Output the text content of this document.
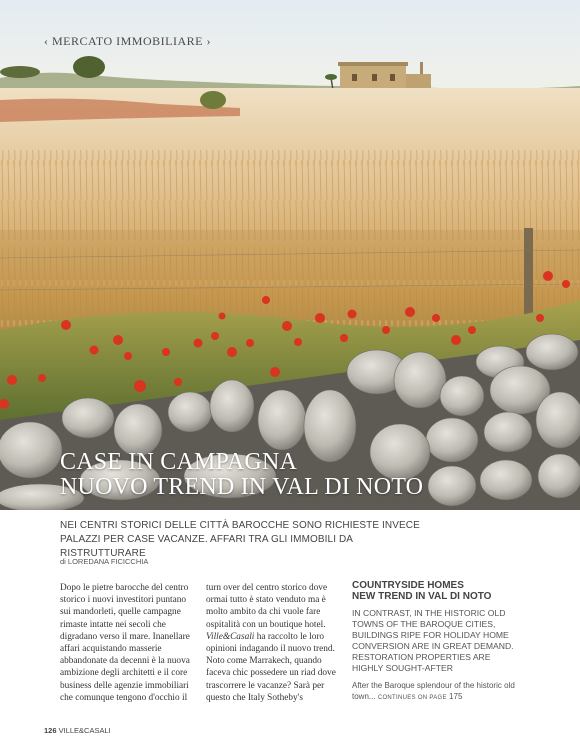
‹ MERCATO IMMOBILIARE ›
CASE IN CAMPAGNA
NUOVO TREND IN VAL DI NOTO
NEI CENTRI STORICI DELLE CITTÀ BAROCCHE SONO RICHIESTE INVECE PALAZZI PER CASE VACANZE. AFFARI TRA GLI IMMOBILI DA RISTRUTTURARE
di LOREDANA FICICCHIA

Dopo le pietre barocche del centro storico i nuovi investitori puntano sui mandorleti, quelle campagne rimaste intatte nei secoli che digradano verso il mare. Inanellare affari acquistando masserie abbandonate da decenni è la nuova ambizione degli architetti e il core business delle agenzie immobiliari che comunque tengono d'occhio il

turn over del centro storico dove ormai tutto è stato venduto ma è molto ambito da chi vuole fare ospitalità con un boutique hotel. Ville&Casali ha raccolto le loro opinioni indagando il nuovo trend.
Noto come Marrakech, quando faceva chic possedere un riad dove trascorrere le vacanze? Sarà per questo che Italy Sotheby's

COUNTRYSIDE HOMES
NEW TREND IN VAL DI NOTO
IN CONTRAST, IN THE HISTORIC OLD TOWNS OF THE BAROQUE CITIES, BUILDINGS RIPE FOR HOLIDAY HOME CONVERSION ARE IN GREAT DEMAND. RESTORATION PROPERTIES ARE HIGHLY SOUGHT-AFTER
After the Baroque splendour of the historic old town... CONTINUES ON PAGE 175
126 VILLE&CASALI
